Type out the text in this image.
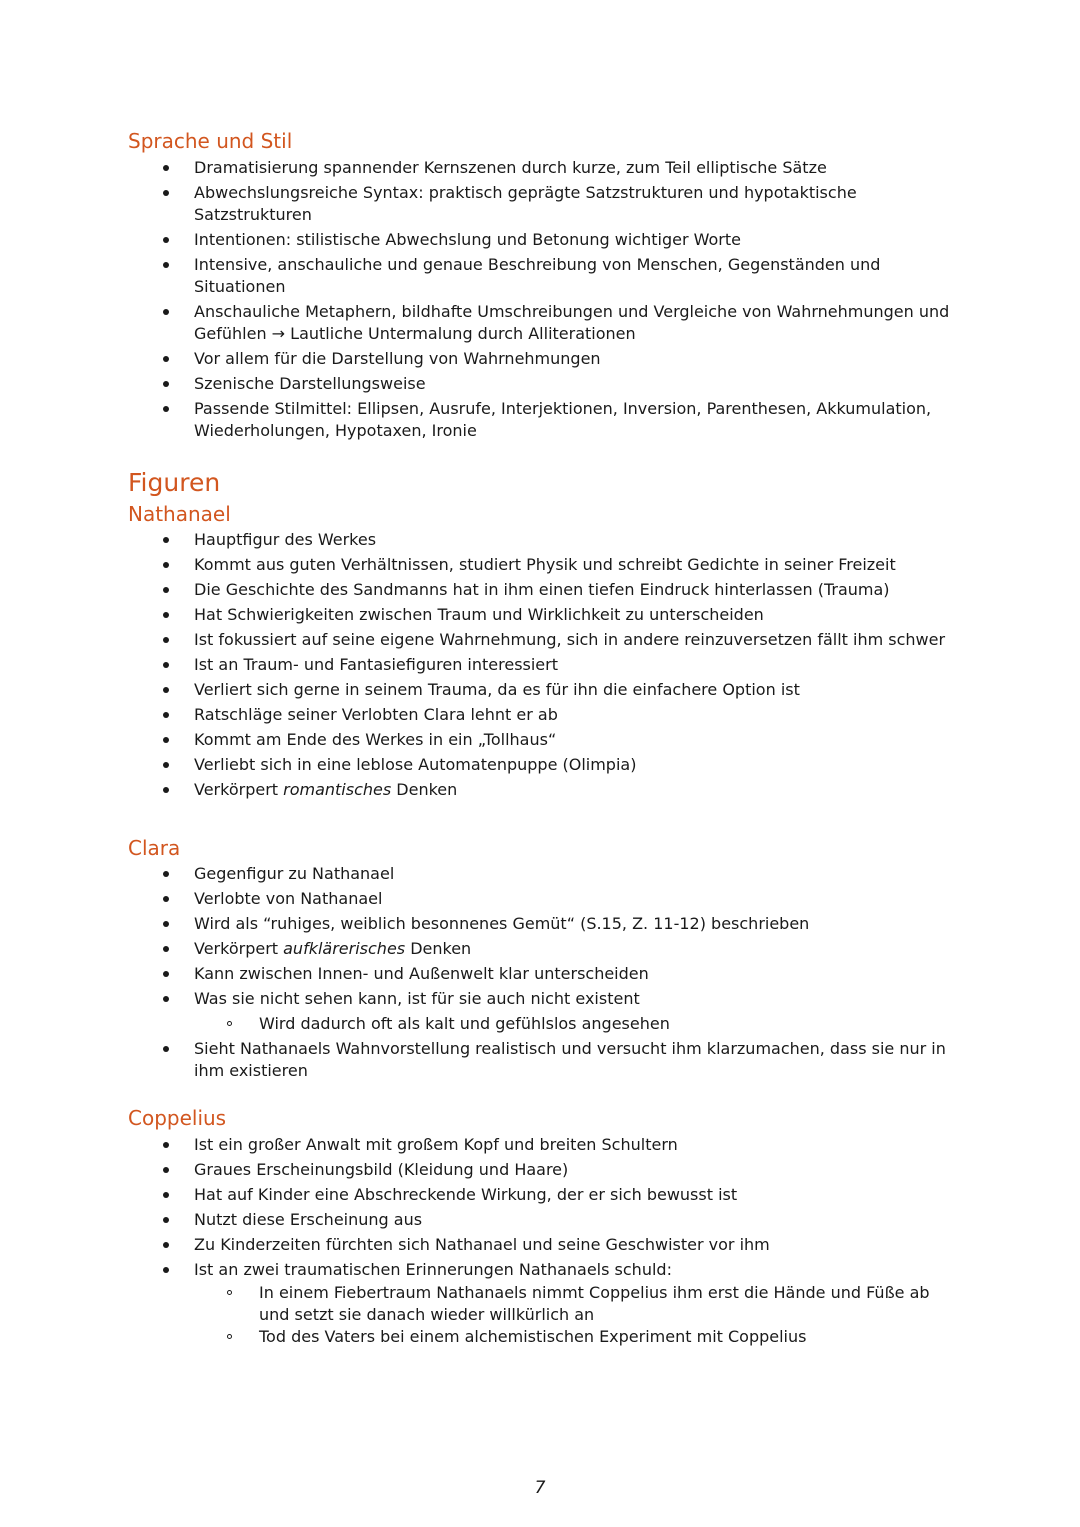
Sprache und Stil
Dramatisierung spannender Kernszenen durch kurze, zum Teil elliptische Sätze
Abwechslungsreiche Syntax: praktisch geprägte Satzstrukturen und hypotaktische Satzstrukturen
Intentionen: stilistische Abwechslung und Betonung wichtiger Worte
Intensive, anschauliche und genaue Beschreibung von Menschen, Gegenständen und Situationen
Anschauliche Metaphern, bildhafte Umschreibungen und Vergleiche von Wahrnehmungen und Gefühlen → Lautliche Untermalung durch Alliterationen
Vor allem für die Darstellung von Wahrnehmungen
Szenische Darstellungsweise
Passende Stilmittel: Ellipsen, Ausrufe, Interjektionen, Inversion, Parenthesen, Akkumulation, Wiederholungen, Hypotaxen, Ironie
Figuren
Nathanael
Hauptfigur des Werkes
Kommt aus guten Verhältnissen, studiert Physik und schreibt Gedichte in seiner Freizeit
Die Geschichte des Sandmanns hat in ihm einen tiefen Eindruck hinterlassen (Trauma)
Hat Schwierigkeiten zwischen Traum und Wirklichkeit zu unterscheiden
Ist fokussiert auf seine eigene Wahrnehmung, sich in andere reinzuversetzen fällt ihm schwer
Ist an Traum- und Fantasiefiguren interessiert
Verliert sich gerne in seinem Trauma, da es für ihn die einfachere Option ist
Ratschläge seiner Verlobten Clara lehnt er ab
Kommt am Ende des Werkes in ein „Tollhaus“
Verliebt sich in eine leblose Automatenpuppe (Olimpia)
Verkörpert romantisches Denken
Clara
Gegenfigur zu Nathanael
Verlobte von Nathanael
Wird als “ruhiges, weiblich besonnenes Gemüt“ (S.15, Z. 11-12) beschrieben
Verkörpert aufklärerisches Denken
Kann zwischen Innen- und Außenwelt klar unterscheiden
Was sie nicht sehen kann, ist für sie auch nicht existent
Wird dadurch oft als kalt und gefühlslos angesehen
Sieht Nathanaels Wahnvorstellung realistisch und versucht ihm klarzumachen, dass sie nur in ihm existieren
Coppelius
Ist ein großer Anwalt mit großem Kopf und breiten Schultern
Graues Erscheinungsbild (Kleidung und Haare)
Hat auf Kinder eine Abschreckende Wirkung, der er sich bewusst ist
Nutzt diese Erscheinung aus
Zu Kinderzeiten fürchten sich Nathanael und seine Geschwister vor ihm
Ist an zwei traumatischen Erinnerungen Nathanaels schuld:
In einem Fiebertraum Nathanaels nimmt Coppelius ihm erst die Hände und Füße ab und setzt sie danach wieder willkürlich an
Tod des Vaters bei einem alchemistischen Experiment mit Coppelius
7
